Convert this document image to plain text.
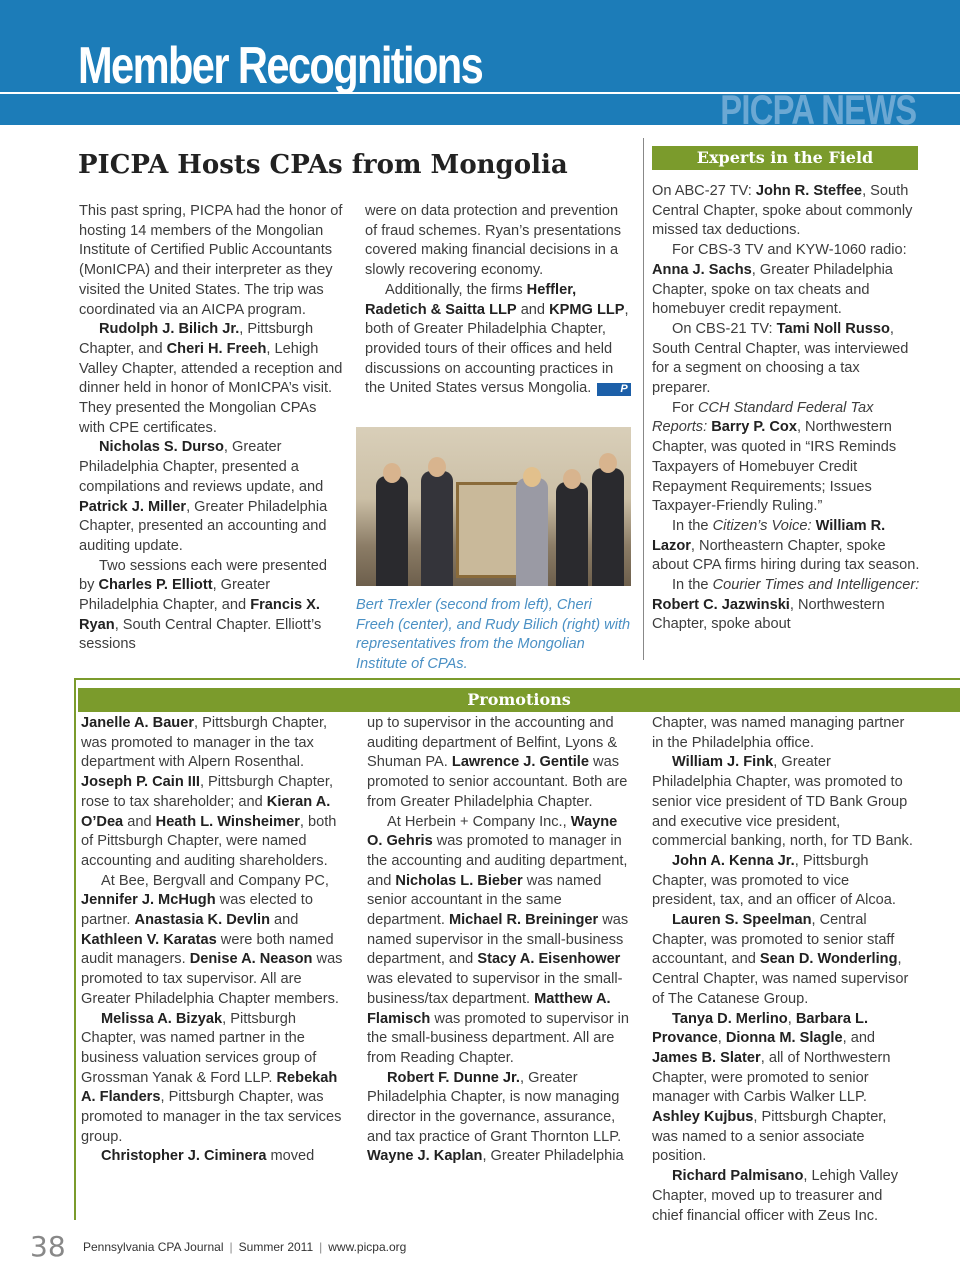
Member Recognitions
PICPA NEWS
PICPA Hosts CPAs from Mongolia

This past spring, PICPA had the honor of hosting 14 members of the Mongolian Institute of Certified Public Accountants (MonICPA) and their interpreter as they visited the United States. The trip was coordinated via an AICPA program.

Rudolph J. Bilich Jr., Pittsburgh Chapter, and Cheri H. Freeh, Lehigh Valley Chapter, attended a reception and dinner held in honor of MonICPA’s visit. They presented the Mongolian CPAs with CPE certificates.

Nicholas S. Durso, Greater Philadelphia Chapter, presented a compilations and reviews update, and Patrick J. Miller, Greater Philadelphia Chapter, presented an accounting and auditing update.

Two sessions each were presented by Charles P. Elliott, Greater Philadelphia Chapter, and Francis X. Ryan, South Central Chapter. Elliott’s sessions

were on data protection and prevention of fraud schemes. Ryan’s presentations covered making financial decisions in a slowly recovering economy.

Additionally, the firms Heffler, Radetich & Saitta LLP and KPMG LLP, both of Greater Philadelphia Chapter, provided tours of their offices and held discussions on accounting practices in the United States versus Mongolia.	P

Bert Trexler (second from left), Cheri Freeh (center), and Rudy Bilich (right) with representatives from the Mongolian Institute of CPAs.
Experts in the Field

On ABC-27 TV: John R. Steffee, South Central Chapter, spoke about commonly missed tax deductions.

For CBS-3 TV and KYW-1060 radio: Anna J. Sachs, Greater Philadelphia Chapter, spoke on tax cheats and homebuyer credit repayment.

On CBS-21 TV: Tami Noll Russo, South Central Chapter, was interviewed for a segment on choosing a tax preparer.

For CCH Standard Federal Tax Reports: Barry P. Cox, Northwestern Chapter, was quoted in “IRS Reminds Taxpayers of Homebuyer Credit Repayment Requirements; Issues Taxpayer-Friendly Ruling.”

In the Citizen’s Voice: William R. Lazor, Northeastern Chapter, spoke about CPA firms hiring during tax season.

In the Courier Times and Intelligencer: Robert C. Jazwinski, Northwestern Chapter, spoke about

Promotions

Janelle A. Bauer, Pittsburgh Chapter, was promoted to manager in the tax department with Alpern Rosenthal. Joseph P. Cain III, Pittsburgh Chapter, rose to tax shareholder; and Kieran A. O’Dea and Heath L. Winsheimer, both of Pittsburgh Chapter, were named accounting and auditing shareholders.

At Bee, Bergvall and Company PC, Jennifer J. McHugh was elected to partner. Anastasia K. Devlin and Kathleen V. Karatas were both named audit managers. Denise A. Neason was promoted to tax supervisor. All are Greater Philadelphia Chapter members.

Melissa A. Bizyak, Pittsburgh Chapter, was named partner in the business valuation services group of Grossman Yanak & Ford LLP. Rebekah A. Flanders, Pittsburgh Chapter, was promoted to manager in the tax services group.

Christopher J. Ciminera moved

up to supervisor in the accounting and auditing department of Belfint, Lyons & Shuman PA. Lawrence J. Gentile was promoted to senior accountant. Both are from Greater Philadelphia Chapter.

At Herbein + Company Inc., Wayne O. Gehris was promoted to manager in the accounting and auditing department, and Nicholas L. Bieber was named senior accountant in the same department. Michael R. Breininger was named supervisor in the small-business department, and Stacy A. Eisenhower was elevated to supervisor in the small-business/tax department. Matthew A. Flamisch was promoted to supervisor in the small-business department. All are from Reading Chapter.

Robert F. Dunne Jr., Greater Philadelphia Chapter, is now managing director in the governance, assurance, and tax practice of Grant Thornton LLP. Wayne J. Kaplan, Greater Philadelphia

Chapter, was named managing partner in the Philadelphia office.

William J. Fink, Greater Philadelphia Chapter, was promoted to senior vice president of TD Bank Group and executive vice president, commercial banking, north, for TD Bank.

John A. Kenna Jr., Pittsburgh Chapter, was promoted to vice president, tax, and an officer of Alcoa.

Lauren S. Speelman, Central Chapter, was promoted to senior staff accountant, and Sean D. Wonderling, Central Chapter, was named supervisor of The Catanese Group.

Tanya D. Merlino, Barbara L. Provance, Dionna M. Slagle, and James B. Slater, all of Northwestern Chapter, were promoted to senior manager with Carbis Walker LLP. Ashley Kujbus, Pittsburgh Chapter, was named to a senior associate position.

Richard Palmisano, Lehigh Valley Chapter, moved up to treasurer and chief financial officer with Zeus Inc.

38 Pennsylvania CPA Journal | Summer 2011 | www.picpa.org
